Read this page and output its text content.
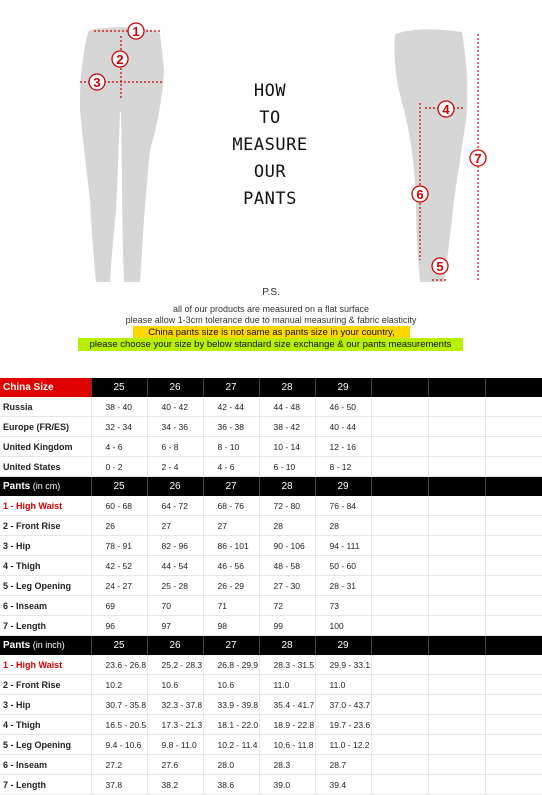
1
2
3
4
5
6
7
HOW
TO
MEASURE
OUR
PANTS
P.S.
all of our products are measured on a flat surface
please allow 1-3cm tolerance due to manual measuring & fabric elasticity
China pants size is not same as pants size in your country,
please choose your size by below standard size exchange & our pants measurements
China Size	25	26	27	28	29			
Russia	38 - 40	40 - 42	42 - 44	44 - 48	46 - 50			
Europe (FR/ES)	32 - 34	34 - 36	36 - 38	38 - 42	40 - 44			
United Kingdom	4 - 6	6 - 8	8 - 10	10 - 14	12 - 16			
United States	0 - 2	2 - 4	4 - 6	6 - 10	8 - 12			
Pants (in cm)	25	26	27	28	29			
1 - High Waist	60 - 68	64 - 72	68 - 76	72 - 80	76 - 84			
2 - Front Rise	26	27	27	28	28			
3 - Hip	78 - 91	82 - 96	86 - 101	90 - 106	94 - 111			
4 - Thigh	42 - 52	44 - 54	46 - 56	48 - 58	50 - 60			
5 - Leg Opening	24 - 27	25 - 28	26 - 29	27 - 30	28 - 31			
6 - Inseam	69	70	71	72	73			
7 - Length	96	97	98	99	100			
Pants (in inch)	25	26	27	28	29			
1 - High Waist	23.6 - 26.8	25.2 - 28.3	26.8 - 29.9	28.3 - 31.5	29.9 - 33.1			
2 - Front Rise	10.2	10.6	10.6	11.0	11.0			
3 - Hip	30.7 - 35.8	32.3 - 37.8	33.9 - 39.8	35.4 - 41.7	37.0 - 43.7			
4 - Thigh	16.5 - 20.5	17.3 - 21.3	18.1 - 22.0	18.9 - 22.8	19.7 - 23.6			
5 - Leg Opening	9.4 - 10.6	9.8 - 11.0	10.2 - 11.4	10.6 - 11.8	11.0 - 12.2			
6 - Inseam	27.2	27.6	28.0	28.3	28.7			
7 - Length	37.8	38.2	38.6	39.0	39.4			
